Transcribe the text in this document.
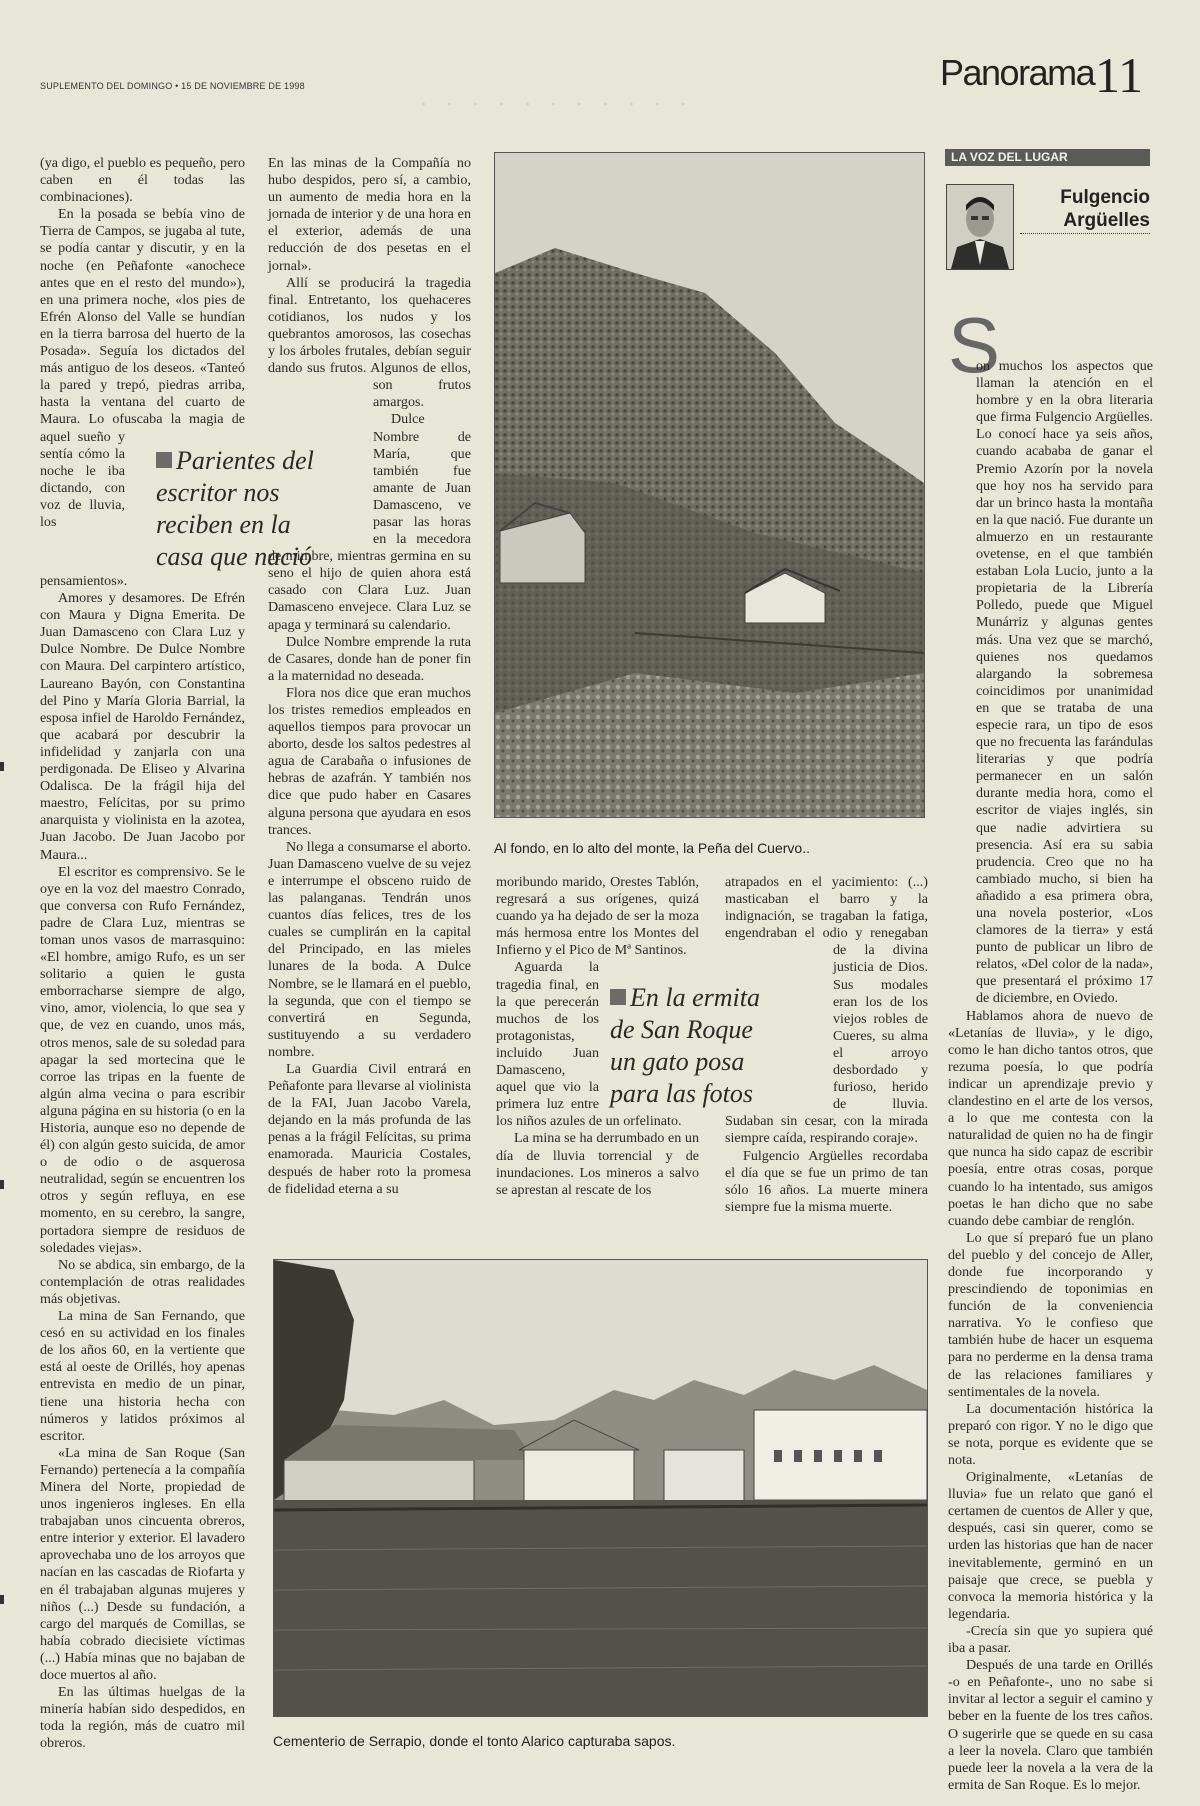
· · · · · · · · · · ·
SUPLEMENTO DEL DOMINGO • 15 DE NOVIEMBRE DE 1998	Panorama 11

(ya digo, el pueblo es pequeño, pero caben en él todas las combinaciones).

En la posada se bebía vino de Tierra de Campos, se jugaba al tute, se podía cantar y discutir, y en la noche (en Peñafonte «anochece antes que en el resto del mundo»), en una primera noche, «los pies de Efrén Alonso del Valle se hundían en la tierra barrosa del huerto de la Posada». Seguía los dictados del más antiguo de los deseos. «Tanteó la pared y trepó, piedras arriba, hasta la ventana del cuarto de Maura. Lo ofuscaba la magia de aquel sueño y sentía cómo la noche le iba dictando, con voz de lluvia, los pensamientos».

Amores y desamores. De Efrén con Maura y Digna Emerita. De Juan Damasceno con Clara Luz y Dulce Nombre. De Dulce Nombre con Maura. Del carpintero artístico, Laureano Bayón, con Constantina del Pino y María Gloria Barrial, la esposa infiel de Haroldo Fernández, que acabará por descubrir la infidelidad y zanjarla con una perdigonada. De Eliseo y Alvarina Odalisca. De la frágil hija del maestro, Felícitas, por su primo anarquista y violinista en la azotea, Juan Jacobo. De Juan Jacobo por Maura...

El escritor es comprensivo. Se le oye en la voz del maestro Conrado, que conversa con Rufo Fernández, padre de Clara Luz, mientras se toman unos vasos de marrasquino: «El hombre, amigo Rufo, es un ser solitario a quien le gusta emborracharse siempre de algo, vino, amor, violencia, lo que sea y que, de vez en cuando, unos más, otros menos, sale de su soledad para apagar la sed mortecina que le corroe las tripas en la fuente de algún alma vecina o para escribir alguna página en su historia (o en la Historia, aunque eso no depende de él) con algún gesto suicida, de amor o de odio o de asquerosa neutralidad, según se encuentren los otros y según refluya, en ese momento, en su cerebro, la sangre, portadora siempre de residuos de soledades viejas».

No se abdica, sin embargo, de la contemplación de otras realidades más objetivas.

La mina de San Fernando, que cesó en su actividad en los finales de los años 60, en la vertiente que está al oeste de Orillés, hoy apenas entrevista en medio de un pinar, tiene una historia hecha con números y latidos próximos al escritor.

«La mina de San Roque (San Fernando) pertenecía a la compañía Minera del Norte, propiedad de unos ingenieros ingleses. En ella trabajaban unos cincuenta obreros, entre interior y exterior. El lavadero aprovechaba uno de los arroyos que nacían en las cascadas de Riofarta y en él trabajaban algunas mujeres y niños (...) Desde su fundación, a cargo del marqués de Comillas, se había cobrado diecisiete víctimas (...) Había minas que no bajaban de doce muertos al año.

En las últimas huelgas de la minería habían sido despedidos, en toda la región, más de cuatro mil obreros.

En las minas de la Compañía no hubo despidos, pero sí, a cambio, un aumento de media hora en la jornada de interior y de una hora en el exterior, además de una reducción de dos pesetas en el jornal».

Allí se producirá la tragedia final. Entretanto, los quehaceres cotidianos, los nudos y los quebrantos amorosos, las cosechas y los árboles frutales, debían seguir dando sus frutos. Algunos de ellos, son frutos amargos.

Dulce Nombre de María, que también fue amante de Juan Damasceno, ve pasar las horas en la mecedora de mimbre, mientras germina en su seno el hijo de quien ahora está casado con Clara Luz. Juan Damasceno envejece. Clara Luz se apaga y terminará su calendario.

Dulce Nombre emprende la ruta de Casares, donde han de poner fin a la maternidad no deseada.

Flora nos dice que eran muchos los tristes remedios empleados en aquellos tiempos para provocar un aborto, desde los saltos pedestres al agua de Carabaña o infusiones de hebras de azafrán. Y también nos dice que pudo haber en Casares alguna persona que ayudara en esos trances.

No llega a consumarse el aborto. Juan Damasceno vuelve de su vejez e interrumpe el obsceno ruido de las palanganas. Tendrán unos cuantos días felices, tres de los cuales se cumplirán en la capital del Principado, en las mieles lunares de la boda. A Dulce Nombre, se le llamará en el pueblo, la segunda, que con el tiempo se convertirá en Segunda, sustituyendo a su verdadero nombre.

La Guardia Civil entrará en Peñafonte para llevarse al violinista de la FAI, Juan Jacobo Varela, dejando en la más profunda de las penas a la frágil Felícitas, su prima enamorada. Mauricia Costales, después de haber roto la promesa de fidelidad eterna a su

Parientes del escritor nos reciben en la casa que nació
Al fondo, en lo alto del monte, la Peña del Cuervo..

moribundo marido, Orestes Tablón, regresará a sus orígenes, quizá cuando ya ha dejado de ser la moza más hermosa entre los Montes del Infierno y el Pico de Mª Santinos.

Aguarda la tragedia final, en la que perecerán muchos de los protagonistas, incluido Juan Damasceno, aquel que vio la primera luz entre los niños azules de un orfelinato.

La mina se ha derrumbado en un día de lluvia torrencial y de inundaciones. Los mineros a salvo se aprestan al rescate de los

En la ermita de San Roque un gato posa para las fotos

atrapados en el yacimiento: (...) masticaban el barro y la indignación, se tragaban la fatiga, engendraban el odio y renegaban de la divina justicia de Dios. Sus modales eran los de los viejos robles de Cueres, su alma el arroyo desbordado y furioso, herido de lluvia. Sudaban sin cesar, con la mirada siempre caída, respirando coraje».

Fulgencio Argüelles recordaba el día que se fue un primo de tan sólo 16 años. La muerte minera siempre fue la misma muerte.

Cementerio de Serrapio, donde el tonto Alarico capturaba sapos.
LA VOZ DEL LUGAR
Fulgencio Argüelles
S

on muchos los aspectos que llaman la atención en el hombre y en la obra literaria que firma Fulgencio Argüelles. Lo conocí hace ya seis años, cuando acababa de ganar el Premio Azorín por la novela que hoy nos ha servido para dar un brinco hasta la montaña en la que nació. Fue durante un almuerzo en un restaurante ovetense, en el que también estaban Lola Lucio, junto a la propietaria de la Librería Polledo, puede que Miguel Munárriz y algunas gentes más. Una vez que se marchó, quienes nos quedamos alargando la sobremesa coincidimos por unanimidad en que se trataba de una especie rara, un tipo de esos que no frecuenta las farándulas literarias y que podría permanecer en un salón durante media hora, como el escritor de viajes inglés, sin que nadie advirtiera su presencia. Así era su sabia prudencia. Creo que no ha cambiado mucho, si bien ha añadido a esa primera obra, una novela posterior, «Los clamores de la tierra» y está punto de publicar un libro de relatos, «Del color de la nada», que presentará el próximo 17 de diciembre, en Oviedo.

Hablamos ahora de nuevo de «Letanías de lluvia», y le digo, como le han dicho tantos otros, que rezuma poesía, lo que podría indicar un aprendizaje previo y clandestino en el arte de los versos, a lo que me contesta con la naturalidad de quien no ha de fingir que nunca ha sido capaz de escribir poesía, entre otras cosas, porque cuando lo ha intentado, sus amigos poetas le han dicho que no sabe cuando debe cambiar de renglón.

Lo que sí preparó fue un plano del pueblo y del concejo de Aller, donde fue incorporando y prescindiendo de toponimias en función de la conveniencia narrativa. Yo le confieso que también hube de hacer un esquema para no perderme en la densa trama de las relaciones familiares y sentimentales de la novela.

La documentación histórica la preparó con rigor. Y no le digo que se nota, porque es evidente que se nota.

Originalmente, «Letanías de lluvia» fue un relato que ganó el certamen de cuentos de Aller y que, después, casi sin querer, como se urden las historias que han de nacer inevitablemente, germinó en un paisaje que crece, se puebla y convoca la memoria histórica y la legendaria.

-Crecía sin que yo supiera qué iba a pasar.

Después de una tarde en Orillés -o en Peñafonte-, uno no sabe si invitar al lector a seguir el camino y beber en la fuente de los tres caños. O sugerirle que se quede en su casa a leer la novela. Claro que también puede leer la novela a la vera de la ermita de San Roque. Es lo mejor.
